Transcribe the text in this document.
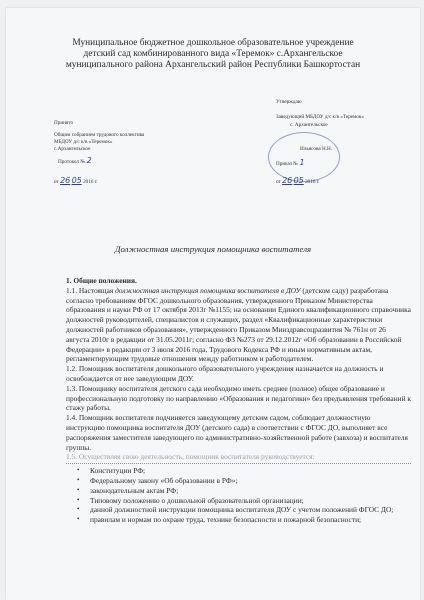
Муниципальное бюджетное дошкольное образовательное учреждение
детский сад комбинированного вида «Теремок» с.Архангельское
муниципального района Архангельский район Республики Башкортостан
Принято
Общим собранием трудового коллектива
МБДОУ д/с к/в «Теремок»
с.Архангельское
Протокол № 2
от 26 05 2016 г.
Утверждаю
Заведующий МБДОУ д/с к/в «Теремок»
с. Архангельское
Ильясова Н.Н.
Приказ № 1
от 26 05 2016 г.
Должностная инструкция помощника воспитателя

1. Общие положения.

1.1. Настоящая должностная инструкция помощника воспитателя в ДОУ (детском саду) разработана согласно требованиям ФГОС дошкольного образования, утвержденного Приказом Министерства образования и науки РФ от 17 октября 2013г №1155; на основании Единого квалификационного справочника должностей руководителей, специалистов и служащих, раздел «Квалификационные характеристики должностей работников образования», утвержденного Приказом Минздравсоцразвития № 761н от 26 августа 2010г в редакции от 31.05.2011г; согласно ФЗ №273 от 29.12.2012г «Об образовании в Российской Федерации» в редакции от 3 июля 2016 года, Трудового Кодекса РФ и иным нормативным актам, регламентирующим трудовые отношения между работником и работодателем.

1.2. Помощник воспитателя дошкольного образовательного учреждения назначается на должность и освобождается от нее заведующим ДОУ.

1.3. Помощнику воспитателя детского сада необходимо иметь среднее (полное) общее образование и профессиональную подготовку по направлению «Образования и педагогики» без предъявления требований к стажу работы.

1.4. Помощник воспитателя подчиняется заведующему детским садом, соблюдает должностную инструкцию помощника воспитателя ДОУ (детского сада) в соответствии с ФГОС ДО, выполняет все распоряжения заместителя заведующего по административно-хозяйственной работе (завхоза) и воспитателя группы.

1.5. Осуществляя свою деятельность, помощник воспитателя руководствуется:

• Конституции РФ;
• Федеральному закону «Об образовании в РФ»;
• законодательным актам РФ;
• Типовому положению о дошкольной образовательной организации;
• данной должностной инструкции помощника воспитателя ДОУ с учетом положений ФГОС ДО;
• правилам и нормам по охране труда, технике безопасности и пожарной безопасности;
